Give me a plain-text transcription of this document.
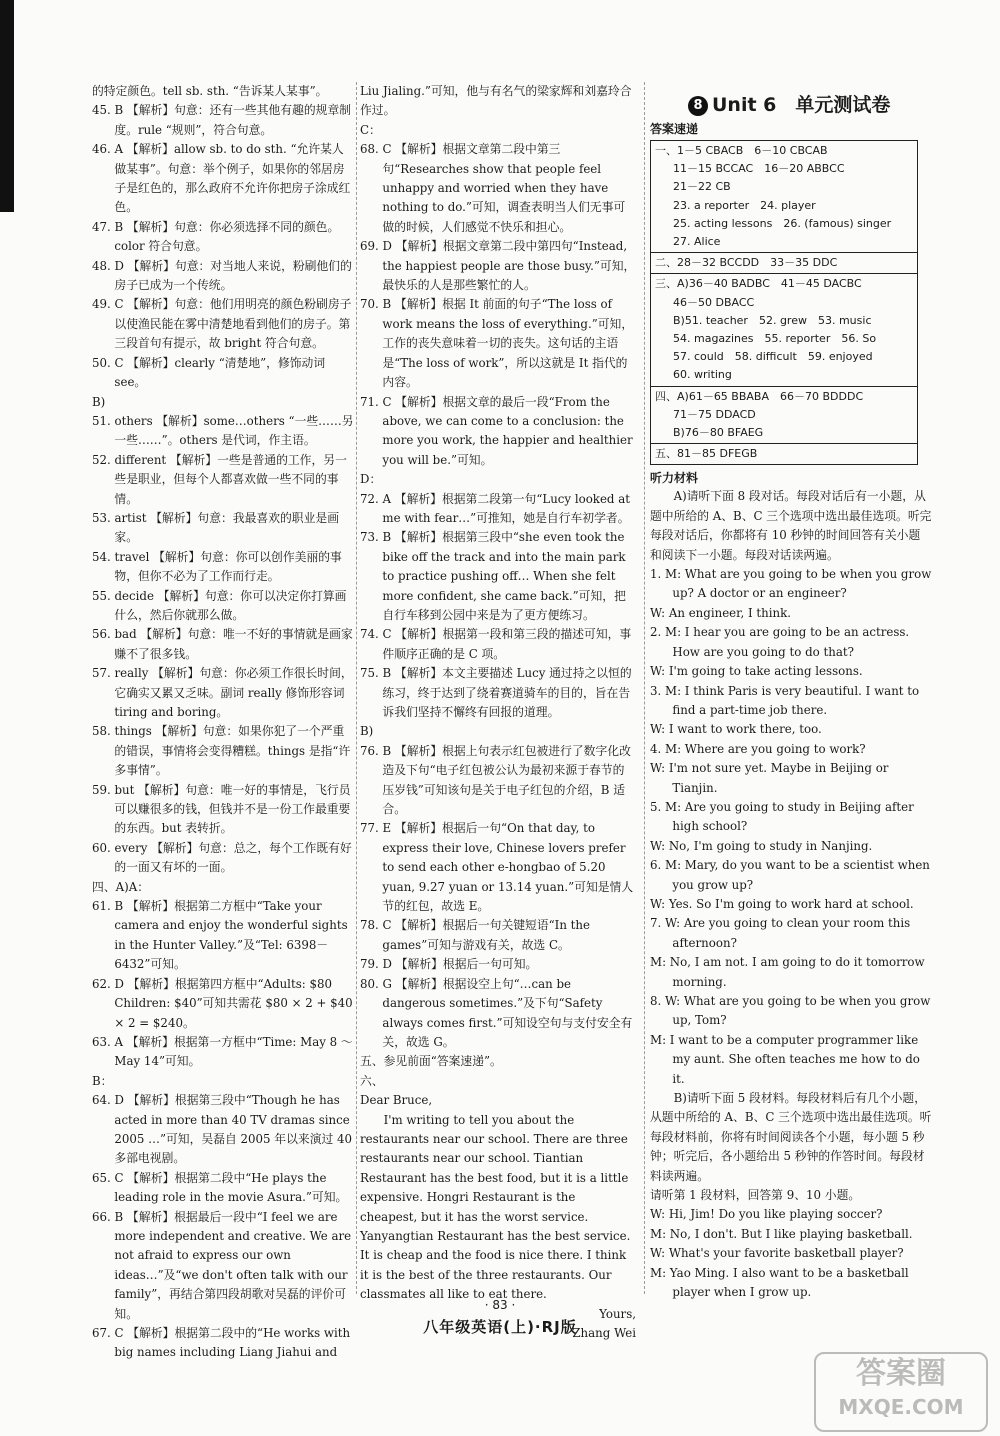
的特定颜色。tell sb. sth. “告诉某人某事”。

45. B 【解析】句意：还有一些其他有趣的规章制度。rule “规则”，符合句意。

46. A 【解析】allow sb. to do sth. “允许某人做某事”。句意：举个例子，如果你的邻居房子是红色的，那么政府不允许你把房子涂成红色。

47. B 【解析】句意：你必须选择不同的颜色。color 符合句意。

48. D 【解析】句意：对当地人来说，粉刷他们的房子已成为一个传统。

49. C 【解析】句意：他们用明亮的颜色粉刷房子以使渔民能在雾中清楚地看到他们的房子。第三段首句有提示，故 bright 符合句意。

50. C 【解析】clearly “清楚地”，修饰动词 see。

B)

51. others 【解析】some…others “一些……另一些……”。others 是代词，作主语。

52. different 【解析】一些是普通的工作，另一些是职业，但每个人都喜欢做一些不同的事情。

53. artist 【解析】句意：我最喜欢的职业是画家。

54. travel 【解析】句意：你可以创作美丽的事物，但你不必为了工作而行走。

55. decide 【解析】句意：你可以决定你打算画什么，然后你就那么做。

56. bad 【解析】句意：唯一不好的事情就是画家赚不了很多钱。

57. really 【解析】句意：你必须工作很长时间，它确实又累又乏味。副词 really 修饰形容词 tiring and boring。

58. things 【解析】句意：如果你犯了一个严重的错误，事情将会变得糟糕。things 是指“许多事情”。

59. but 【解析】句意：唯一好的事情是，飞行员可以赚很多的钱，但钱并不是一份工作最重要的东西。but 表转折。

60. every 【解析】句意：总之，每个工作既有好的一面又有坏的一面。

四、A)A：

61. B 【解析】根据第二方框中“Take your camera and enjoy the wonderful sights in the Hunter Valley.”及“Tel: 6398－6432”可知。

62. D 【解析】根据第四方框中“Adults: $80 Children: $40”可知共需花 $80 × 2 + $40 × 2 = $240。

63. A 【解析】根据第一方框中“Time: May 8 ～ May 14”可知。

B：

64. D 【解析】根据第三段中“Though he has acted in more than 40 TV dramas since 2005 …”可知，吴磊自 2005 年以来演过 40 多部电视剧。

65. C 【解析】根据第二段中“He plays the leading role in the movie Asura.”可知。

66. B 【解析】根据最后一段中“I feel we are more independent and creative. We are not afraid to express our own ideas…”及“we don't often talk with our family”，再结合第四段胡歌对吴磊的评价可知。

67. C 【解析】根据第二段中的“He works with big names including Liang Jiahui and

Liu Jialing.”可知，他与有名气的梁家辉和刘嘉玲合作过。

C：

68. C 【解析】根据文章第二段中第三句“Researches show that people feel unhappy and worried when they have nothing to do.”可知，调查表明当人们无事可做的时候，人们感觉不快乐和担心。

69. D 【解析】根据文章第二段中第四句“Instead, the happiest people are those busy.”可知，最快乐的人是那些繁忙的人。

70. B 【解析】根据 It 前面的句子“The loss of work means the loss of everything.”可知，工作的丧失意味着一切的丧失。这句话的主语是“The loss of work”，所以这就是 It 指代的内容。

71. C 【解析】根据文章的最后一段“From the above, we can come to a conclusion: the more you work, the happier and healthier you will be.”可知。

D：

72. A 【解析】根据第二段第一句“Lucy looked at me with fear…”可推知，她是自行车初学者。

73. B 【解析】根据第三段中“she even took the bike off the track and into the main park to practice pushing off… When she felt more confident, she came back.”可知，把自行车移到公园中来是为了更方便练习。

74. C 【解析】根据第一段和第三段的描述可知，事件顺序正确的是 C 项。

75. B 【解析】本文主要描述 Lucy 通过持之以恒的练习，终于达到了绕着赛道骑车的目的，旨在告诉我们坚持不懈终有回报的道理。

B)

76. B 【解析】根据上句表示红包被进行了数字化改造及下句“电子红包被公认为最初来源于春节的压岁钱”可知该句是关于电子红包的介绍，B 适合。

77. E 【解析】根据后一句“On that day, to express their love, Chinese lovers prefer to send each other e-hongbao of 5.20 yuan, 9.27 yuan or 13.14 yuan.”可知是情人节的红包，故选 E。

78. C 【解析】根据后一句关键短语“In the games”可知与游戏有关，故选 C。

79. D 【解析】根据后一句可知。

80. G 【解析】根据设空上句“…can be dangerous sometimes.”及下句“Safety always comes first.”可知设空句与支付安全有关，故选 G。

五、参见前面“答案速递”。

六、

Dear Bruce,

I'm writing to tell you about the restaurants near our school. There are three restaurants near our school. Tiantian Restaurant has the best food, but it is a little expensive. Hongri Restaurant is the cheapest, but it has the worst service. Yanyangtian Restaurant has the best service. It is cheap and the food is nice there. I think it is the best of the three restaurants. Our classmates all like to eat there.

Yours,

Zhang Wei

8 Unit 6　单元测试卷

答案速递

一、1－5 CBACB　6－10 CBCAB

11－15 BCCAC　16－20 ABBCC

21－22 CB

23. a reporter　24. player

25. acting lessons　26. (famous) singer

27. Alice

二、28－32 BCCDD　33－35 DDC

三、A)36－40 BADBC　41－45 DACBC

46－50 DBACC

B)51. teacher　52. grew　53. music

54. magazines　55. reporter　56. So

57. could　58. difficult　59. enjoyed

60. writing

四、A)61－65 BBABA　66－70 BDDDC

71－75 DDACD

B)76－80 BFAEG

五、81－85 DFEGB

听力材料

A)请听下面 8 段对话。每段对话后有一小题，从题中所给的 A、B、C 三个选项中选出最佳选项。听完每段对话后，你都将有 10 秒钟的时间回答有关小题和阅读下一小题。每段对话读两遍。

1. M: What are you going to be when you grow up? A doctor or an engineer?

W: An engineer, I think.

2. M: I hear you are going to be an actress. How are you going to do that?

W: I'm going to take acting lessons.

3. M: I think Paris is very beautiful. I want to find a part-time job there.

W: I want to work there, too.

4. M: Where are you going to work?

W: I'm not sure yet. Maybe in Beijing or Tianjin.

5. M: Are you going to study in Beijing after high school?

W: No, I'm going to study in Nanjing.

6. M: Mary, do you want to be a scientist when you grow up?

W: Yes. So I'm going to work hard at school.

7. W: Are you going to clean your room this afternoon?

M: No, I am not. I am going to do it tomorrow morning.

8. W: What are you going to be when you grow up, Tom?

M: I want to be a computer programmer like my aunt. She often teaches me how to do it.

B)请听下面 5 段材料。每段材料后有几个小题，从题中所给的 A、B、C 三个选项中选出最佳选项。听每段材料前，你将有时间阅读各个小题，每小题 5 秒钟；听完后，各小题给出 5 秒钟的作答时间。每段材料读两遍。

请听第 1 段材料，回答第 9、10 小题。

W: Hi, Jim! Do you like playing soccer?

M: No, I don't. But I like playing basketball.

W: What's your favorite basketball player?

M: Yao Ming. I also want to be a basketball player when I grow up.

· 83 ·
八年级英语(上)·RJ版
答案圈
MXQE.COM
